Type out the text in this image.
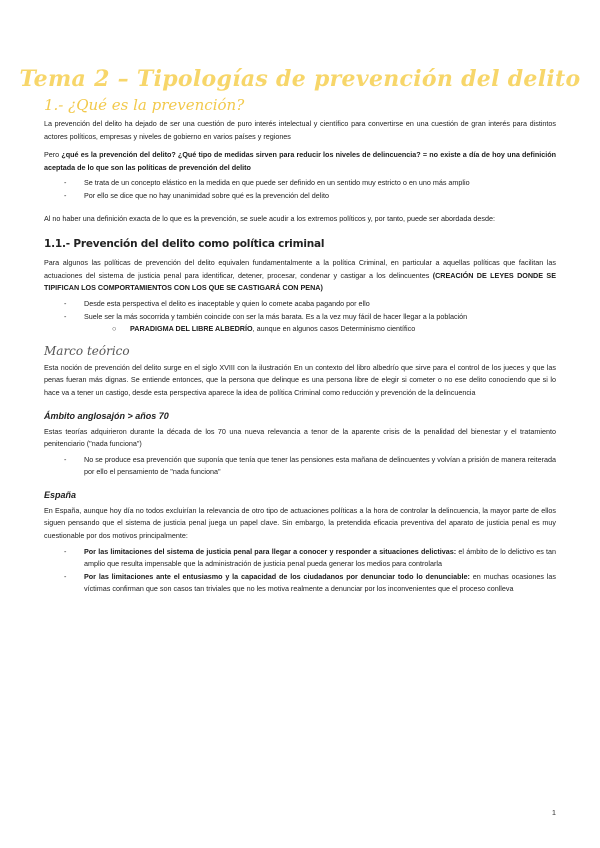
Tema 2 – Tipologías de prevención del delito
1.- ¿Qué es la prevención?

La prevención del delito ha dejado de ser una cuestión de puro interés intelectual y científico para convertirse en una cuestión de gran interés para distintos actores políticos, empresas y niveles de gobierno en varios países y regiones

Pero ¿qué es la prevención del delito? ¿Qué tipo de medidas sirven para reducir los niveles de delincuencia? = no existe a día de hoy una definición aceptada de lo que son las políticas de prevención del delito

- Se trata de un concepto elástico en la medida en que puede ser definido en un sentido muy estricto o en uno más amplio
- Por ello se dice que no hay unanimidad sobre qué es la prevención del delito

Al no haber una definición exacta de lo que es la prevención, se suele acudir a los extremos políticos y, por tanto, puede ser abordada desde:

1.1.- Prevención del delito como política criminal

Para algunos las políticas de prevención del delito equivalen fundamentalmente a la política Criminal, en particular a aquellas políticas que facilitan las actuaciones del sistema de justicia penal para identificar, detener, procesar, condenar y castigar a los delincuentes (CREACIÓN DE LEYES DONDE SE TIPIFICAN LOS COMPORTAMIENTOS CON LOS QUE SE CASTIGARÁ CON PENA)

- Desde esta perspectiva el delito es inaceptable y quien lo comete acaba pagando por ello
- Suele ser la más socorrida y también coincide con ser la más barata. Es a la vez muy fácil de hacer llegar a la población
○ PARADIGMA DEL LIBRE ALBEDRÍO, aunque en algunos casos Determinismo científico
Marco teórico

Esta noción de prevención del delito surge en el siglo XVIII con la ilustración En un contexto del libro albedrío que sirve para el control de los jueces y que las penas fueran más dignas. Se entiende entonces, que la persona que delinque es una persona libre de elegir si cometer o no ese delito conociendo que si lo hace va a tener un castigo, desde esta perspectiva aparece la idea de política Criminal como reducción y prevención de la delincuencia

Ámbito anglosajón > años 70

Estas teorías adquirieron durante la década de los 70 una nueva relevancia a tenor de la aparente crisis de la penalidad del bienestar y el tratamiento penitenciario ("nada funciona")

- No se produce esa prevención que suponía que tenía que tener las pensiones esta mañana de delincuentes y volvían a prisión de manera reiterada por ello el pensamiento de "nada funciona"
España

En España, aunque hoy día no todos excluirían la relevancia de otro tipo de actuaciones políticas a la hora de controlar la delincuencia, la mayor parte de ellos siguen pensando que el sistema de justicia penal juega un papel clave. Sin embargo, la pretendida eficacia preventiva del aparato de justicia penal es muy cuestionable por dos motivos principalmente:

- Por las limitaciones del sistema de justicia penal para llegar a conocer y responder a situaciones delictivas: el ámbito de lo delictivo es tan amplio que resulta impensable que la administración de justicia penal pueda generar los medios para controlarla
- Por las limitaciones ante el entusiasmo y la capacidad de los ciudadanos por denunciar todo lo denunciable: en muchas ocasiones las víctimas confirman que son casos tan triviales que no les motiva realmente a denunciar por los inconvenientes que el proceso conlleva
1
